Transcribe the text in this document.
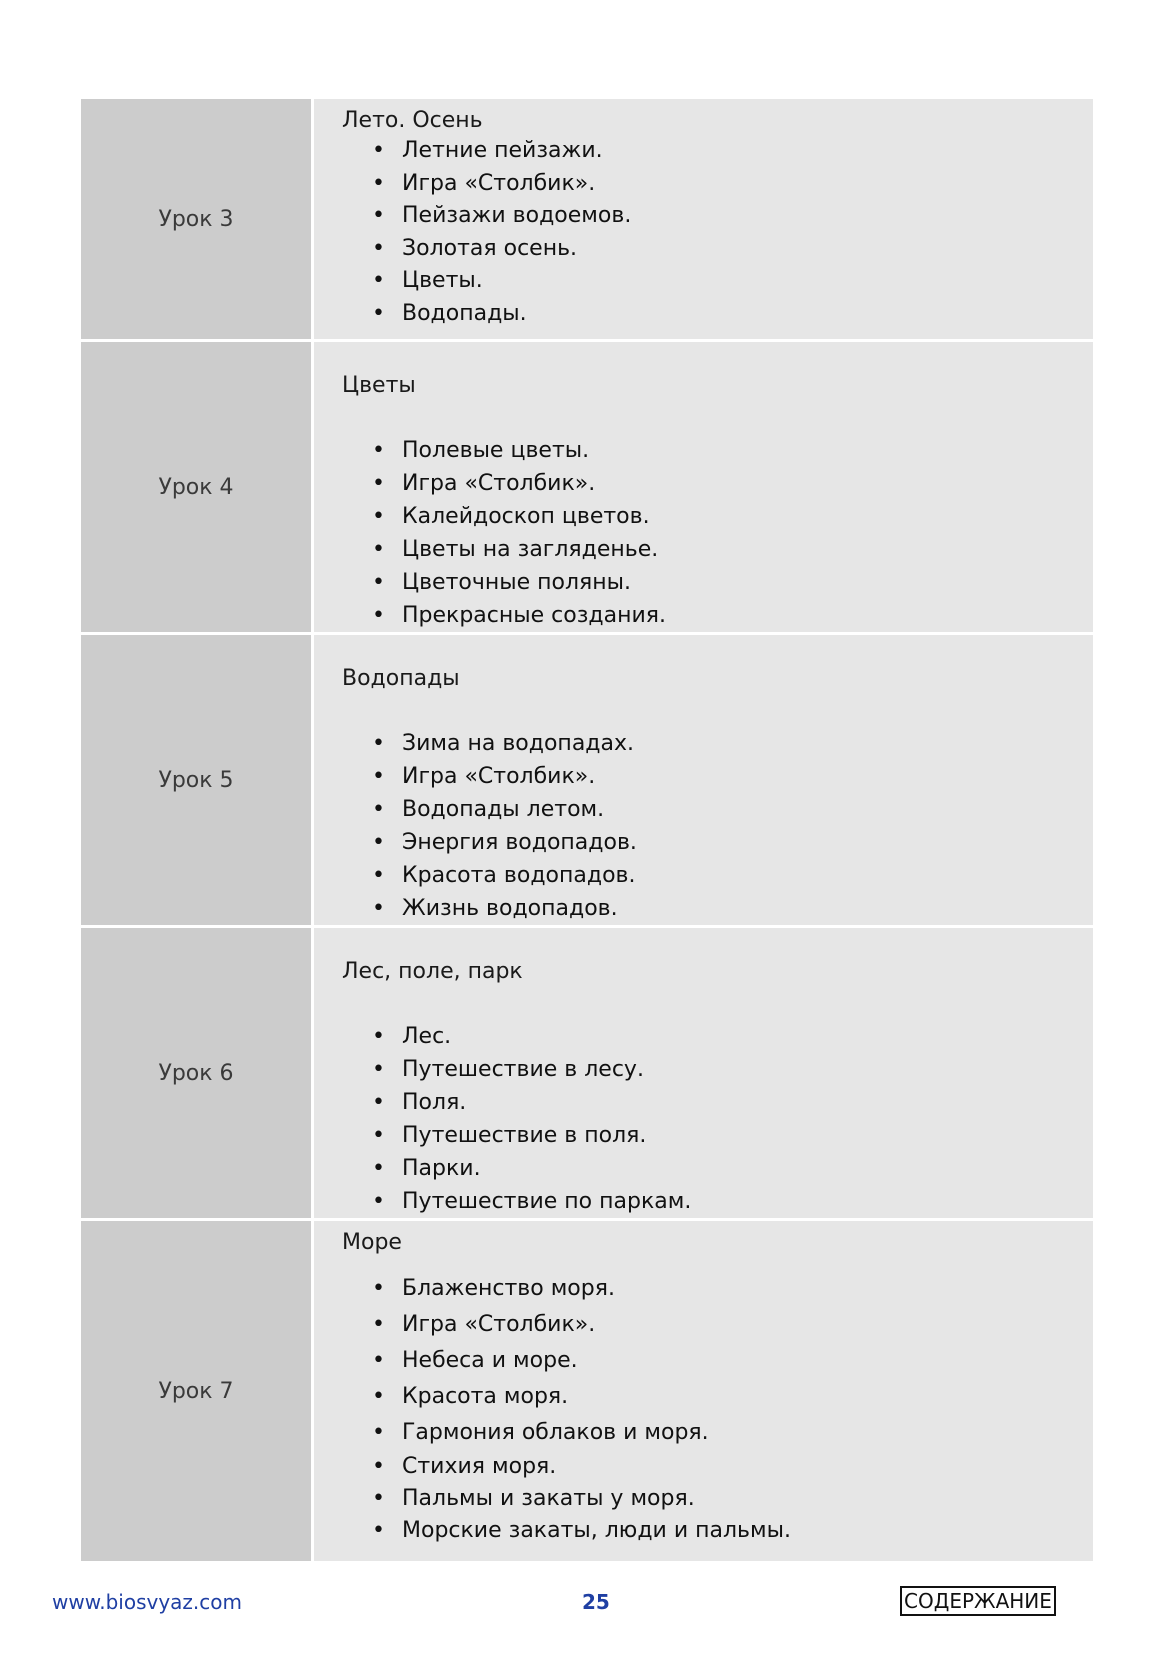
Урок 3
Лето. Осень
• Летние пейзажи.
• Игра «Столбик».
• Пейзажи водоемов.
• Золотая осень.
• Цветы.
• Водопады.
Урок 4
Цветы
• Полевые цветы.
• Игра «Столбик».
• Калейдоскоп цветов.
• Цветы на загляденье.
• Цветочные поляны.
• Прекрасные создания.
Урок 5
Водопады
• Зима на водопадах.
• Игра «Столбик».
• Водопады летом.
• Энергия водопадов.
• Красота водопадов.
• Жизнь водопадов.
Урок 6
Лес, поле, парк
• Лес.
• Путешествие в лесу.
• Поля.
• Путешествие в поля.
• Парки.
• Путешествие по паркам.
Урок 7
Море
• Блаженство моря.
• Игра «Столбик».
• Небеса и море.
• Красота моря.
• Гармония облаков и моря.
• Стихия моря.
• Пальмы и закаты у моря.
• Морские закаты, люди и пальмы.
www.biosvyaz.com	25	СОДЕРЖАНИЕ
